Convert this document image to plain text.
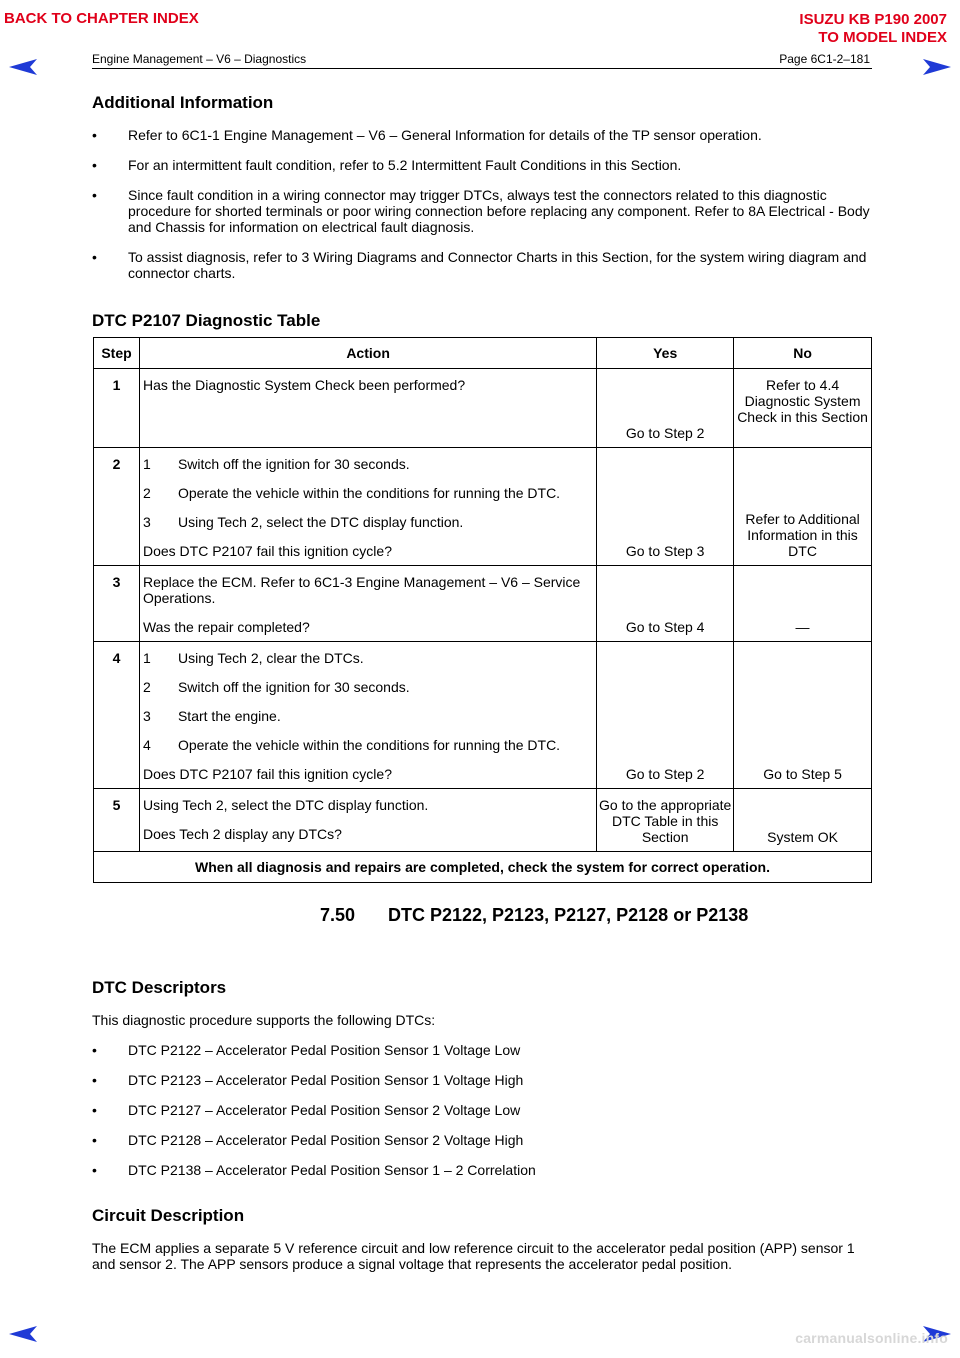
BACK TO CHAPTER INDEX	ISUZU KB P190 2007
TO MODEL INDEX
Engine Management – V6 – Diagnostics	Page 6C1-2–181
Additional Information
• Refer to 6C1-1 Engine Management – V6 – General Information for details of the TP sensor operation.
• For an intermittent fault condition, refer to 5.2 Intermittent Fault Conditions in this Section.
• Since fault condition in a wiring connector may trigger DTCs, always test the connectors related to this diagnostic procedure for shorted terminals or poor wiring connection before replacing any component. Refer to 8A Electrical - Body and Chassis for information on electrical fault diagnosis.
• To assist diagnosis, refer to 3 Wiring Diagrams and Connector Charts in this Section, for the system wiring diagram and connector charts.
DTC P2107 Diagnostic Table
Step	Action	Yes	No
1	Has the Diagnostic System Check been performed?	Go to Step 2	Refer to 4.4 Diagnostic System Check in this Section
2	1 Switch off the ignition for 30 seconds.
2 Operate the vehicle within the conditions for running the DTC.
3 Using Tech 2, select the DTC display function.
Does DTC P2107 fail this ignition cycle?	Go to Step 3	Refer to Additional Information in this DTC
3	Replace the ECM. Refer to 6C1-3 Engine Management – V6 – Service Operations.
Was the repair completed?	Go to Step 4	—
4	1 Using Tech 2, clear the DTCs.
2 Switch off the ignition for 30 seconds.
3 Start the engine.
4 Operate the vehicle within the conditions for running the DTC.
Does DTC P2107 fail this ignition cycle?	Go to Step 2	Go to Step 5
5	Using Tech 2, select the DTC display function.
Does Tech 2 display any DTCs?	Go to the appropriate DTC Table in this Section	System OK
When all diagnosis and repairs are completed, check the system for correct operation.			
7.50	DTC P2122, P2123, P2127, P2128 or P2138
DTC Descriptors
This diagnostic procedure supports the following DTCs:
• DTC P2122 – Accelerator Pedal Position Sensor 1 Voltage Low
• DTC P2123 – Accelerator Pedal Position Sensor 1 Voltage High
• DTC P2127 – Accelerator Pedal Position Sensor 2 Voltage Low
• DTC P2128 – Accelerator Pedal Position Sensor 2 Voltage High
• DTC P2138 – Accelerator Pedal Position Sensor 1 – 2 Correlation
Circuit Description
The ECM applies a separate 5 V reference circuit and low reference circuit to the accelerator pedal position (APP) sensor 1 and sensor 2. The APP sensors produce a signal voltage that represents the accelerator pedal position.
carmanualsonline.info
